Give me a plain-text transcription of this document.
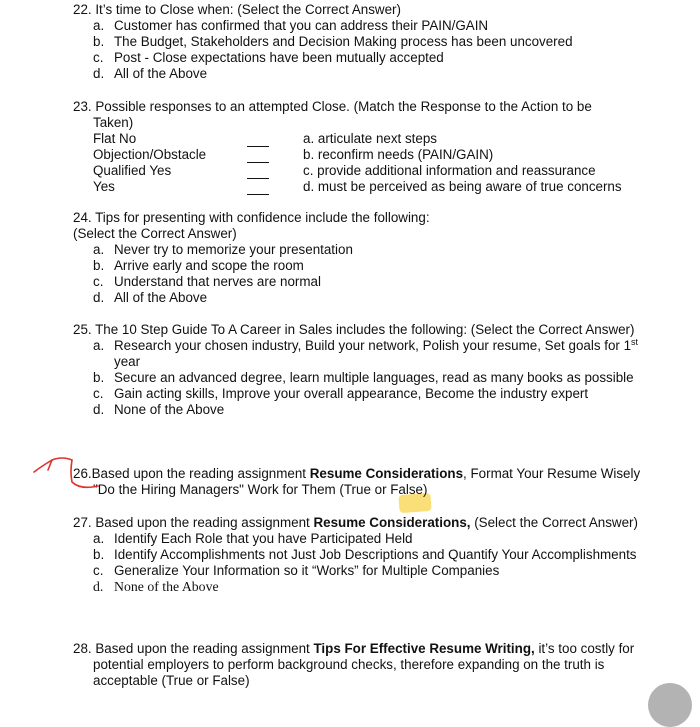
22. It’s time to Close when: (Select the Correct Answer)
a. Customer has confirmed that you can address their PAIN/GAIN
b. The Budget, Stakeholders and Decision Making process has been uncovered
c. Post - Close expectations have been mutually accepted
d. All of the Above
23. Possible responses to an attempted Close. (Match the Response to the Action to be Taken)
Flat No
Objection/Obstacle
Qualified Yes
Yes
a. articulate next steps
b. reconfirm needs (PAIN/GAIN)
c. provide additional information and reassurance
d. must be perceived as being aware of true concerns
24. Tips for presenting with confidence include the following:
(Select the Correct Answer)
a. Never try to memorize your presentation
b. Arrive early and scope the room
c. Understand that nerves are normal
d. All of the Above
25. The 10 Step Guide To A Career in Sales includes the following: (Select the Correct Answer)
a. Research your chosen industry, Build your network, Polish your resume, Set goals for 1st year
b. Secure an advanced degree, learn multiple languages, read as many books as possible
c. Gain acting skills, Improve your overall appearance, Become the industry expert
d. None of the Above
26.Based upon the reading assignment Resume Considerations, Format Your Resume Wisely "Do the Hiring Managers" Work for Them (True or False)
27. Based upon the reading assignment Resume Considerations, (Select the Correct Answer)
a. Identify Each Role that you have Participated Held
b. Identify Accomplishments not Just Job Descriptions and Quantify Your Accomplishments
c. Generalize Your Information so it “Works” for Multiple Companies
d. None of the Above
28. Based upon the reading assignment Tips For Effective Resume Writing, it’s too costly for potential employers to perform background checks, therefore expanding on the truth is acceptable (True or False)
